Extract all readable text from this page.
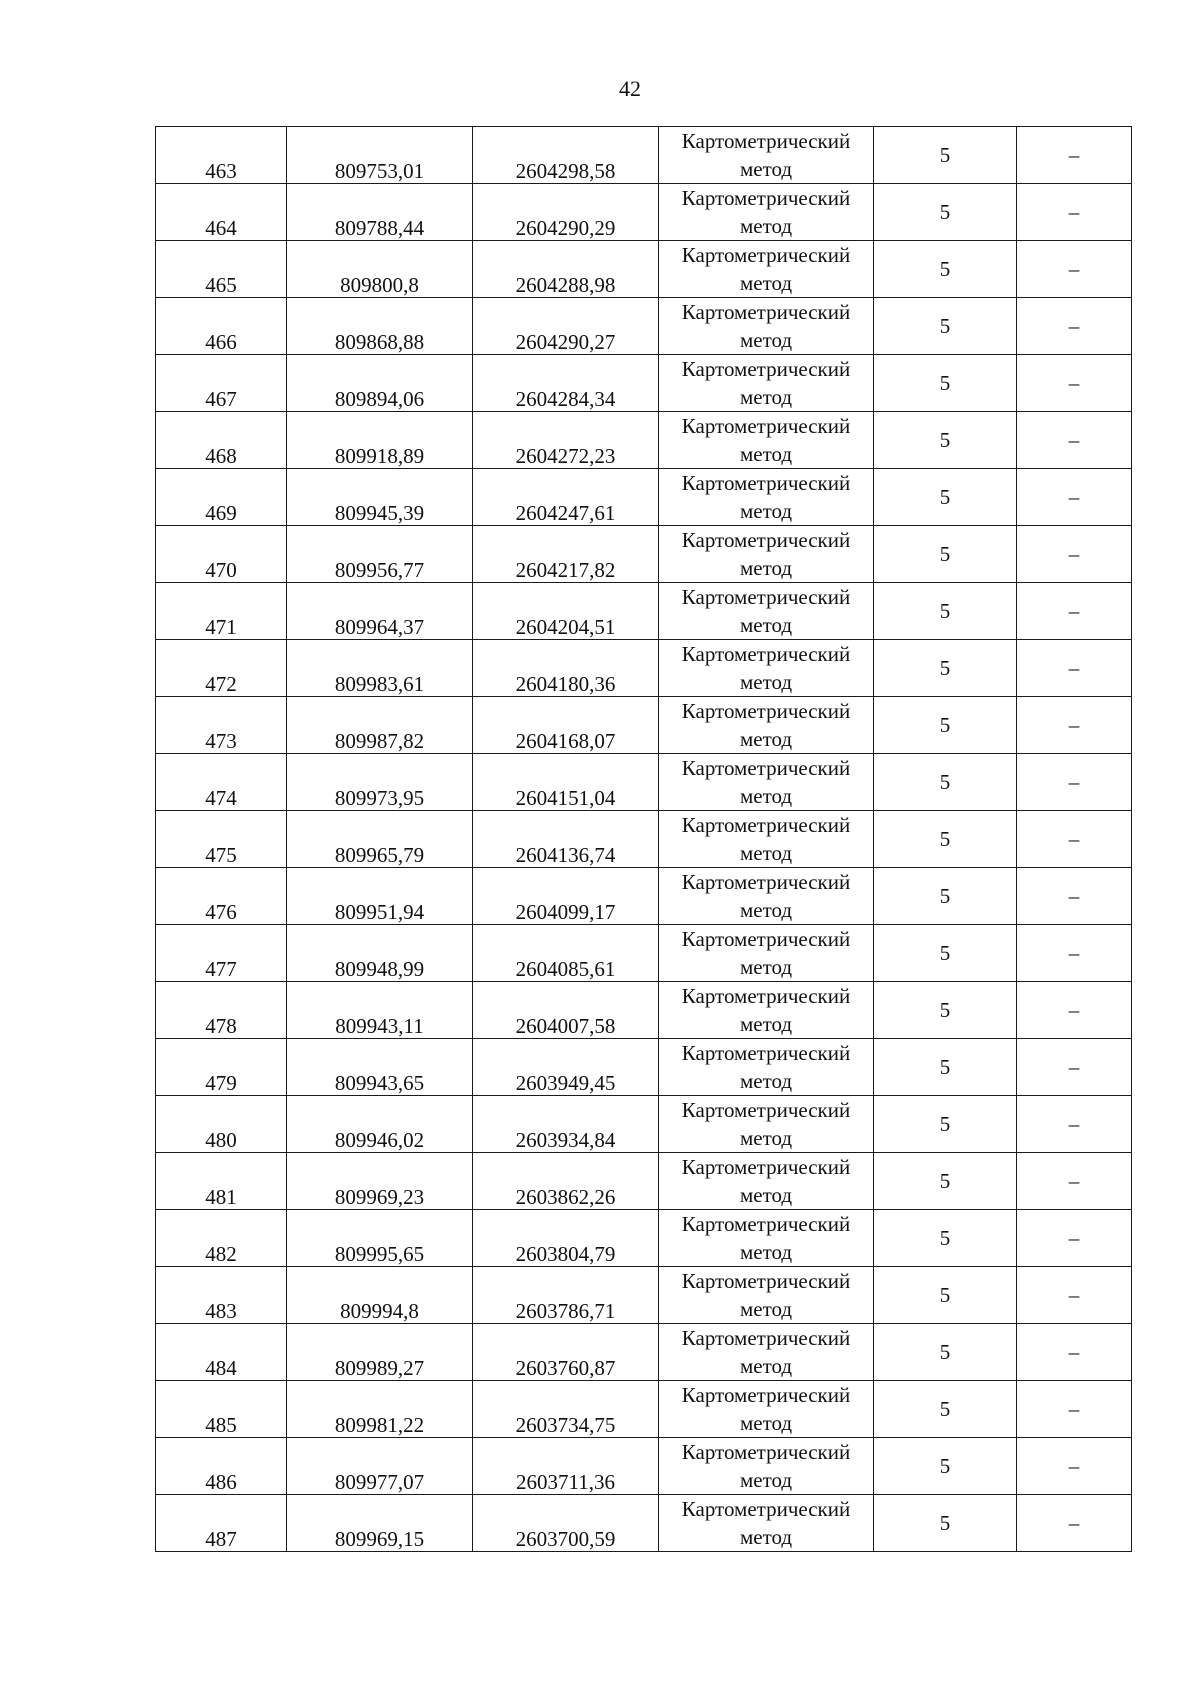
42
463	809753,01	2604298,58	Картометрический
метод	5	–
464	809788,44	2604290,29	Картометрический
метод	5	–
465	809800,8	2604288,98	Картометрический
метод	5	–
466	809868,88	2604290,27	Картометрический
метод	5	–
467	809894,06	2604284,34	Картометрический
метод	5	–
468	809918,89	2604272,23	Картометрический
метод	5	–
469	809945,39	2604247,61	Картометрический
метод	5	–
470	809956,77	2604217,82	Картометрический
метод	5	–
471	809964,37	2604204,51	Картометрический
метод	5	–
472	809983,61	2604180,36	Картометрический
метод	5	–
473	809987,82	2604168,07	Картометрический
метод	5	–
474	809973,95	2604151,04	Картометрический
метод	5	–
475	809965,79	2604136,74	Картометрический
метод	5	–
476	809951,94	2604099,17	Картометрический
метод	5	–
477	809948,99	2604085,61	Картометрический
метод	5	–
478	809943,11	2604007,58	Картометрический
метод	5	–
479	809943,65	2603949,45	Картометрический
метод	5	–
480	809946,02	2603934,84	Картометрический
метод	5	–
481	809969,23	2603862,26	Картометрический
метод	5	–
482	809995,65	2603804,79	Картометрический
метод	5	–
483	809994,8	2603786,71	Картометрический
метод	5	–
484	809989,27	2603760,87	Картометрический
метод	5	–
485	809981,22	2603734,75	Картометрический
метод	5	–
486	809977,07	2603711,36	Картометрический
метод	5	–
487	809969,15	2603700,59	Картометрический
метод	5	–
